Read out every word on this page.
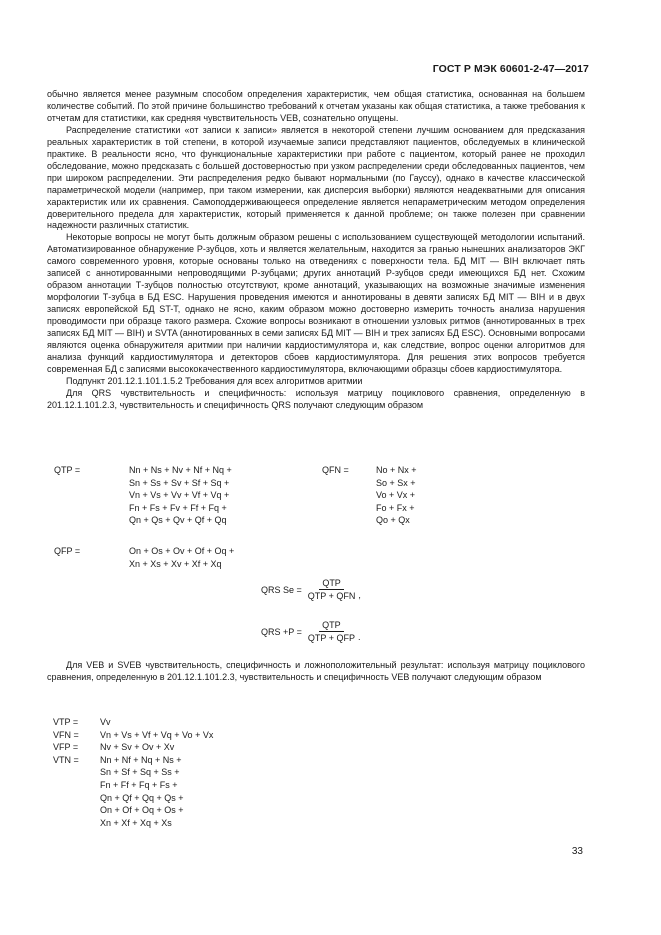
ГОСТ Р МЭК 60601-2-47—2017

обычно является менее разумным способом определения характеристик, чем общая статистика, основанная на большем количестве событий. По этой причине большинство требований к отчетам указаны как общая статистика, а также требования к отчетам для статистики, как средняя чувствительность VEB, сознательно опущены.

Распределение статистики «от записи к записи» является в некоторой степени лучшим основанием для предсказания реальных характеристик в той степени, в которой изучаемые записи представляют пациентов, обследуемых в клинической практике. В реальности ясно, что функциональные характеристики при работе с пациентом, который ранее не проходил обследование, можно предсказать с большей достоверностью при узком распределении среди обследованных пациентов, чем при широком распределении. Эти распределения редко бывают нормальными (по Гауссу), однако в качестве классической параметрической модели (например, при таком измерении, как дисперсия выборки) являются неадекватными для описания характеристик или их сравнения. Самоподдерживающееся определение является непараметрическим методом определения доверительного предела для характеристик, который применяется к данной проблеме; он также полезен при сравнении надежности различных статистик.

Некоторые вопросы не могут быть должным образом решены с использованием существующей методологии испытаний. Автоматизированное обнаружение Р-зубцов, хоть и является желательным, находится за гранью нынешних анализаторов ЭКГ самого современного уровня, которые основаны только на отведениях с поверхности тела. БД MIT — BIH включает пять записей с аннотированными непроводящими Р-зубцами; других аннотаций Р-зубцов среди имеющихся БД нет. Схожим образом аннотации Т-зубцов полностью отсутствуют, кроме аннотаций, указывающих на возможные значимые изменения морфологии Т-зубца в БД ESC. Нарушения проведения имеются и аннотированы в девяти записях БД MIT — BIH и в двух записях европейской БД ST-T, однако не ясно, каким образом можно достоверно измерить точность анализа нарушения проводимости при образце такого размера. Схожие вопросы возникают в отношении узловых ритмов (аннотированных в трех записях БД MIT — BIH) и SVTA (аннотированных в семи записях БД MIT — BIH и трех записях БД ESC). Основными вопросами являются оценка обнаружителя аритмии при наличии кардиостимулятора и, как следствие, вопрос оценки алгоритмов для анализа функций кардиостимулятора и детекторов сбоев кардиостимулятора. Для решения этих вопросов требуется современная БД с записями высококачественного кардиостимулятора, включающими образцы сбоев кардиостимулятора.

Подпункт 201.12.1.101.1.5.2 Требования для всех алгоритмов аритмии

Для QRS чувствительность и специфичность: используя матрицу поциклового сравнения, определенную в 201.12.1.101.2.3, чувствительность и специфичность QRS получают следующим образом

QTP =	Nn + Ns + Nv + Nf + Nq +
Sn + Ss + Sv + Sf + Sq +
Vn + Vs + Vv + Vf + Vq +
Fn + Fs + Fv + Ff + Fq +
Qn + Qs + Qv + Qf + Qq
QFN =	No + Nx +
So + Sx +
Vo + Vx +
Fo + Fx +
Qo + Qx
QFP =	On + Os + Ov + Of + Oq +
Xn + Xs + Xv + Xf + Xq
QRS $Se = \frac{\text{QTP}}{\text{QTP + QFN}}$ ,
QRS $+P = \frac{\text{QTP}}{\text{QTP + QFP}}$ .

Для VEB и SVEB чувствительность, специфичность и ложноположительный результат: используя матрицу поциклового сравнения, определенную в 201.12.1.101.2.3, чувствительность и специфичность VEB получают следующим образом

VTP =	Vv
VFN =	Vn + Vs + Vf + Vq + Vo + Vx
VFP =	Nv + Sv + Ov + Xv
VTN =	Nn + Nf + Nq + Ns +
Sn + Sf + Sq + Ss +
Fn + Ff + Fq + Fs +
Qn + Qf + Qq + Qs +
On + Of + Oq + Os +
Xn + Xf + Xq + Xs
33
